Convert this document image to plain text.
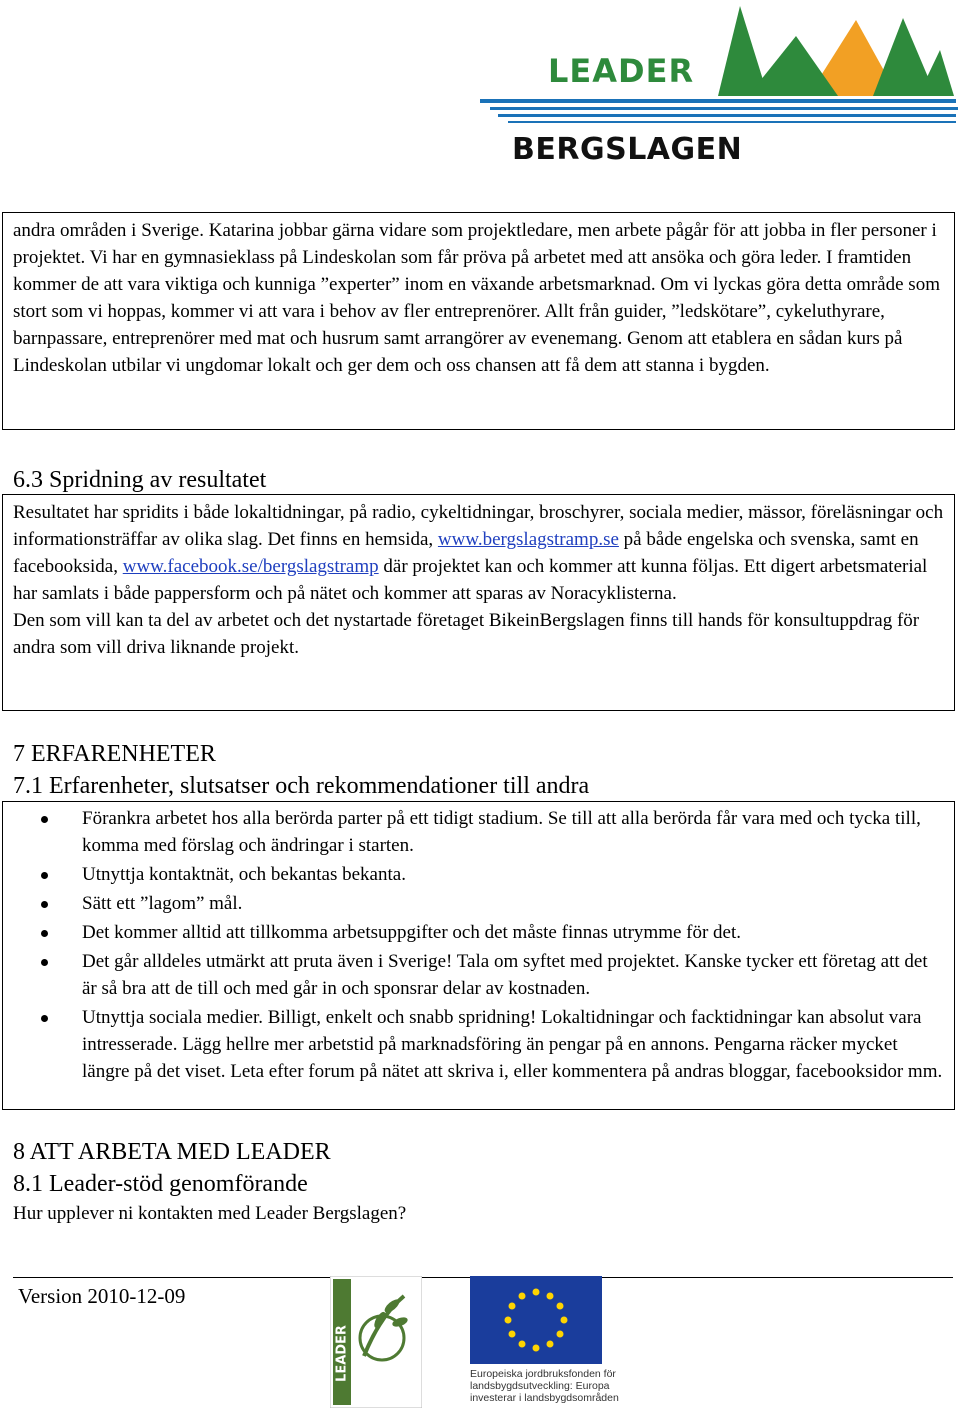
LEADER
BERGSLAGEN

andra områden i Sverige. Katarina jobbar gärna vidare som projektledare, men arbete pågår för att jobba in fler personer i projektet. Vi har en gymnasieklass på Lindeskolan som får pröva på arbetet med att ansöka och göra leder. I framtiden kommer de att vara viktiga och kunniga ”experter” inom en växande arbetsmarknad. Om vi lyckas göra detta område som stort som vi hoppas, kommer vi att vara i behov av fler entreprenörer. Allt från guider, ”ledskötare”, cykeluthyrare, barnpassare, entreprenörer med mat och husrum samt arrangörer av evenemang. Genom att etablera en sådan kurs på Lindeskolan utbilar vi ungdomar lokalt och ger dem och oss chansen att få dem att stanna i bygden.

6.3 Spridning av resultatet

Resultatet har spridits i både lokaltidningar, på radio, cykeltidningar, broschyrer, sociala medier, mässor, föreläsningar och informationsträffar av olika slag. Det finns en hemsida, www.bergslagstramp.se på både engelska och svenska, samt en facebooksida, www.facebook.se/bergslagstramp där projektet kan och kommer att kunna följas. Ett digert arbetsmaterial har samlats i både pappersform och på nätet och kommer att sparas av Noracyklisterna.

Den som vill kan ta del av arbetet och det nystartade företaget BikeinBergslagen finns till hands för konsultuppdrag för andra som vill driva liknande projekt.

7 ERFARENHETER
7.1 Erfarenheter, slutsatser och rekommendationer till andra
Förankra arbetet hos alla berörda parter på ett tidigt stadium. Se till att alla berörda får vara med och tycka till, komma med förslag och ändringar i starten.
Utnyttja kontaktnät, och bekantas bekanta.
Sätt ett ”lagom” mål.
Det kommer alltid att tillkomma arbetsuppgifter och det måste finnas utrymme för det.
Det går alldeles utmärkt att pruta även i Sverige! Tala om syftet med projektet. Kanske tycker ett företag att det är så bra att de till och med går in och sponsrar delar av kostnaden.
Utnyttja sociala medier. Billigt, enkelt och snabb spridning! Lokaltidningar och facktidningar kan absolut vara intresserade. Lägg hellre mer arbetstid på marknadsföring än pengar på en annons. Pengarna räcker mycket längre på det viset. Leta efter forum på nätet att skriva i, eller kommentera på andras bloggar, facebooksidor mm.
8 ATT ARBETA MED LEADER
8.1 Leader-stöd genomförande

Hur upplever ni kontakten med Leader Bergslagen?

Version 2010-12-09
LEADER	Europeiska jordbruksfonden för
landsbygdsutveckling: Europa
investerar i landsbygdsområden
